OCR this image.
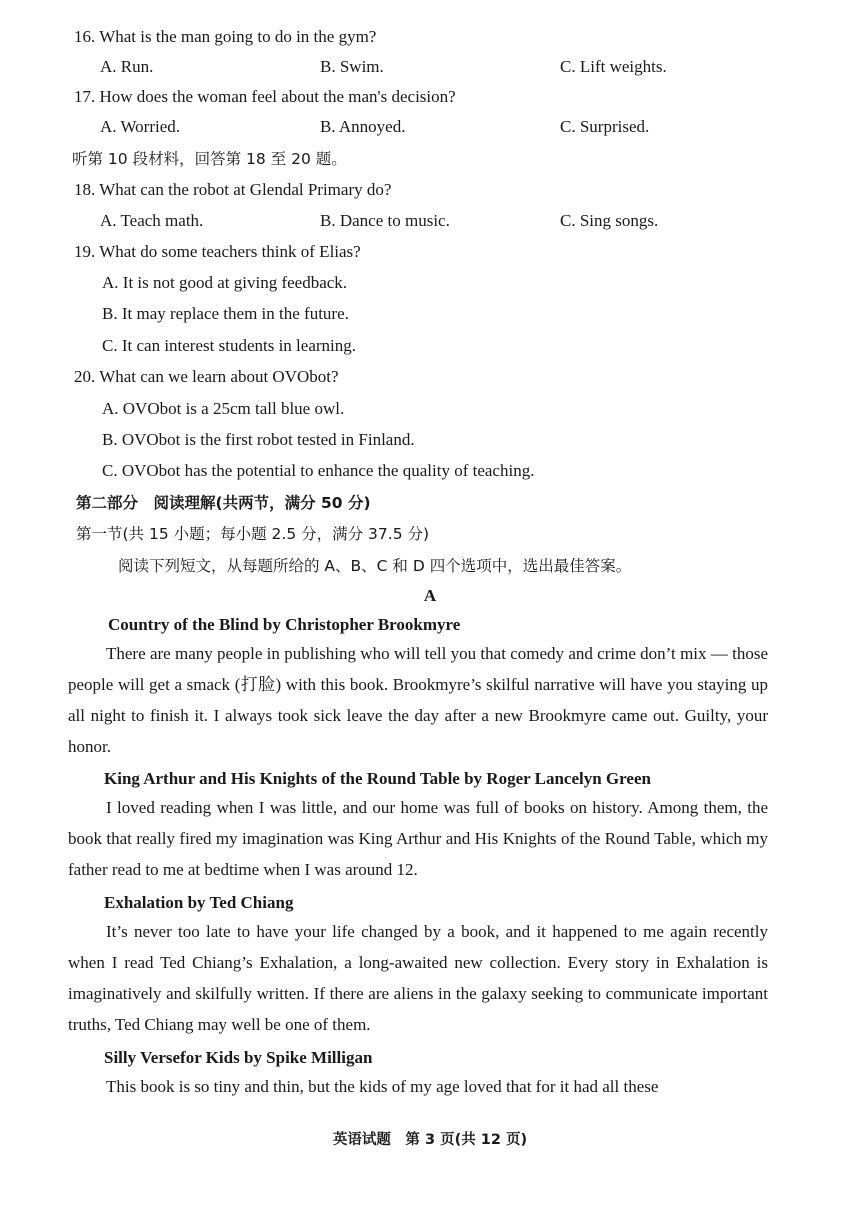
16. What is the man going to do in the gym?
A. Run.	B. Swim.	C. Lift weights.
17. How does the woman feel about the man's decision?
A. Worried.	B. Annoyed.	C. Surprised.
听第 10 段材料，回答第 18 至 20 题。
18. What can the robot at Glendal Primary do?
A. Teach math.	B. Dance to music.	C. Sing songs.
19. What do some teachers think of Elias?
A. It is not good at giving feedback.
B. It may replace them in the future.
C. It can interest students in learning.
20. What can we learn about OVObot?
A. OVObot is a 25cm tall blue owl.
B. OVObot is the first robot tested in Finland.
C. OVObot has the potential to enhance the quality of teaching.
第二部分　阅读理解(共两节，满分 50 分)
第一节(共 15 小题；每小题 2.5 分，满分 37.5 分)
阅读下列短文，从每题所给的 A、B、C 和 D 四个选项中，选出最佳答案。
A
Country of the Blind by Christopher Brookmyre
There are many people in publishing who will tell you that comedy and crime don’t mix — those people will get a smack (打脸) with this book. Brookmyre’s skilful narrative will have you staying up all night to finish it. I always took sick leave the day after a new Brookmyre came out. Guilty, your honor.
King Arthur and His Knights of the Round Table by Roger Lancelyn Green
I loved reading when I was little, and our home was full of books on history. Among them, the book that really fired my imagination was King Arthur and His Knights of the Round Table, which my father read to me at bedtime when I was around 12.
Exhalation by Ted Chiang
It’s never too late to have your life changed by a book, and it happened to me again recently when I read Ted Chiang’s Exhalation, a long-awaited new collection. Every story in Exhalation is imaginatively and skilfully written. If there are aliens in the galaxy seeking to communicate important truths, Ted Chiang may well be one of them.
Silly Versefor Kids by Spike Milligan
This book is so tiny and thin, but the kids of my age loved that for it had all these
英语试题　第 3 页(共 12 页)
